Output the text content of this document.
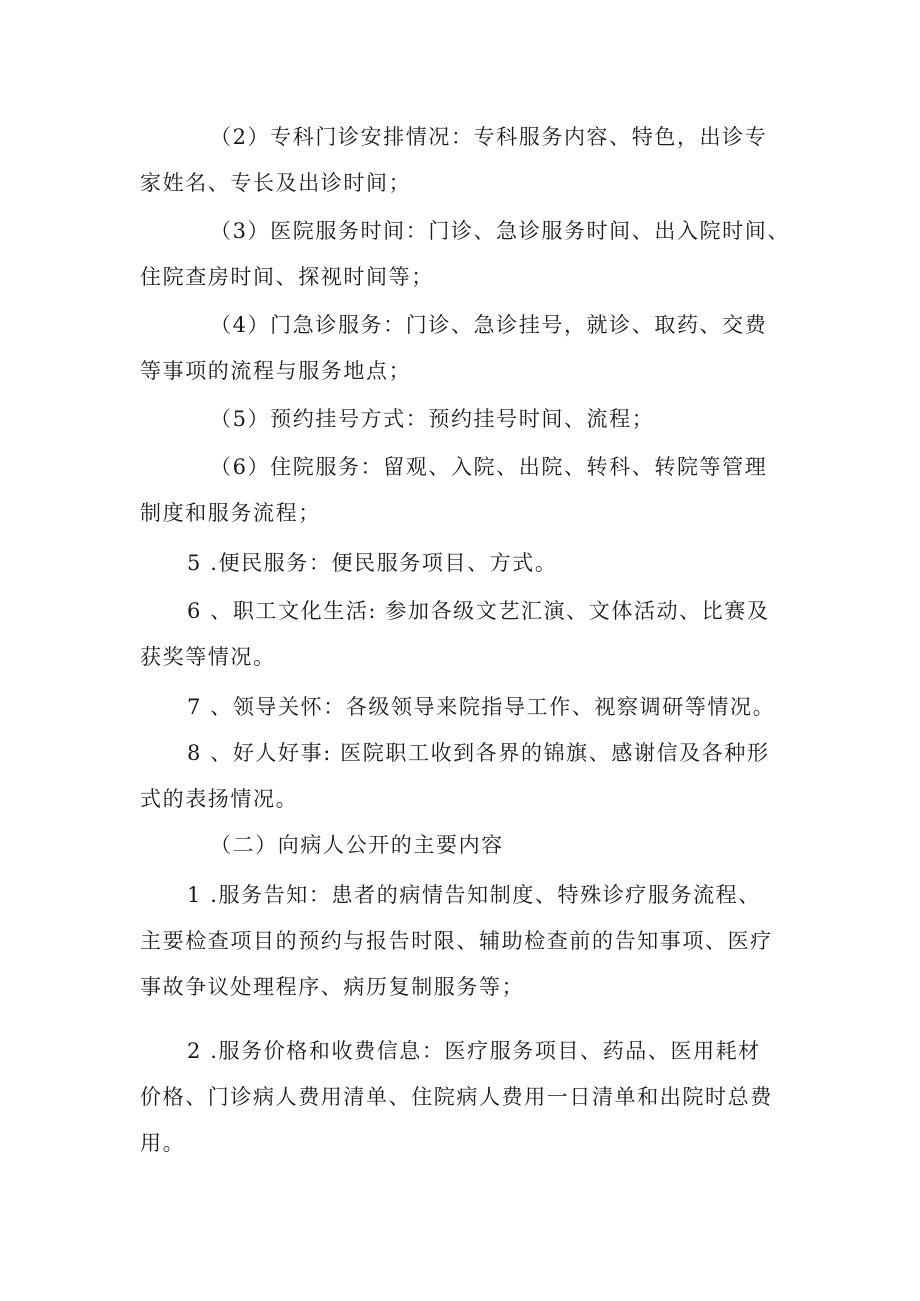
（2）专科门诊安排情况：专科服务内容、特色，出诊专
家姓名、专长及出诊时间；
（3）医院服务时间：门诊、急诊服务时间、出入院时间、
住院查房时间、探视时间等；
（4）门急诊服务：门诊、急诊挂号，就诊、取药、交费
等事项的流程与服务地点；
（5）预约挂号方式：预约挂号时间、流程；
（6）住院服务：留观、入院、出院、转科、转院等管理
制度和服务流程；
5 .便民服务：便民服务项目、方式。
6 、职工文化生活: 参加各级文艺汇演、文体活动、比赛及
获奖等情况。
7 、领导关怀：各级领导来院指导工作、视察调研等情况。
8 、好人好事: 医院职工收到各界的锦旗、感谢信及各种形
式的表扬情况。
（二）向病人公开的主要内容
1 .服务告知：患者的病情告知制度、特殊诊疗服务流程、
主要检查项目的预约与报告时限、辅助检查前的告知事项、医疗
事故争议处理程序、病历复制服务等；
2 .服务价格和收费信息：医疗服务项目、药品、医用耗材
价格、门诊病人费用清单、住院病人费用一日清单和出院时总费
用。
